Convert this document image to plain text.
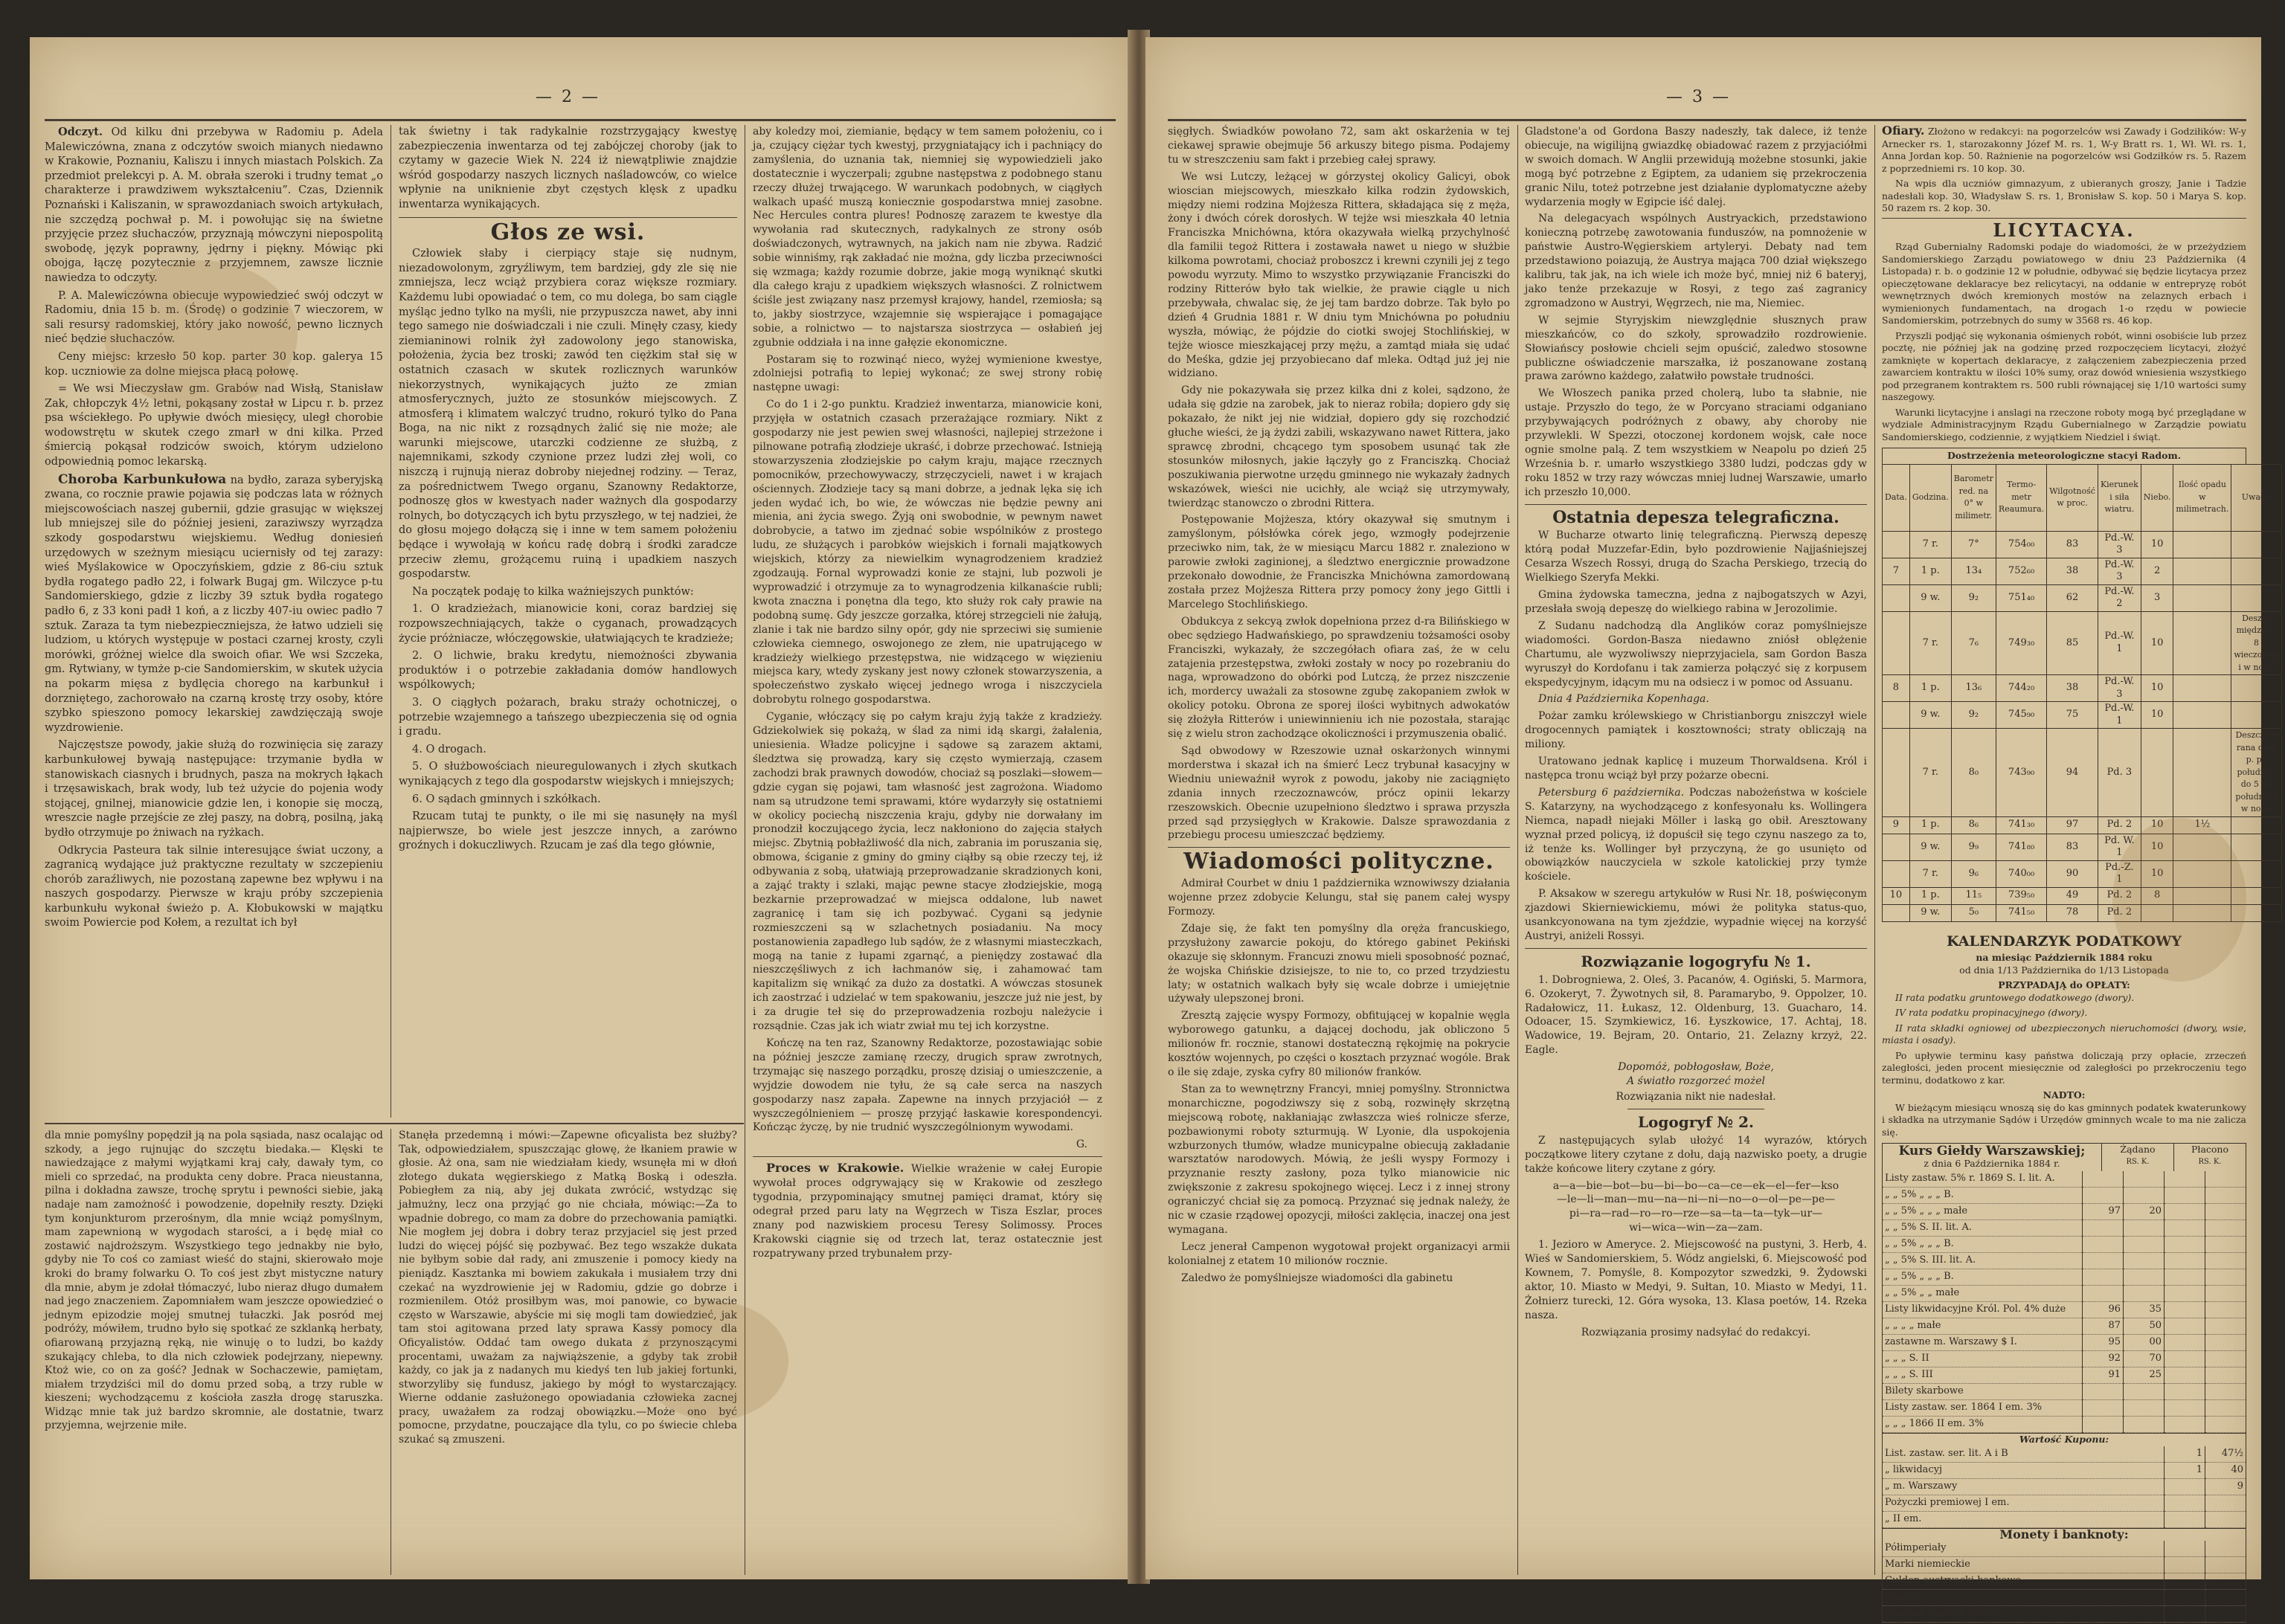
— 2 —

Odczyt. Od kilku dni przebywa w Radomiu p. Adela Malewiczówna, znana z odczytów swoich mianych niedawno w Krakowie, Poznaniu, Kaliszu i innych miastach Polskich. Za przedmiot prelekcyi p. A. M. obrała szeroki i trudny temat „o charakterze i prawdziwem wykształceniu”. Czas, Dziennik Poznański i Kaliszanin, w sprawozdaniach swoich artykułach, nie szczędzą pochwał p. M. i powołując się na świetne przyjęcie przez słuchaczów, przyznają mówczyni niepospolitą swobodę, język poprawny, jędrny i piękny. Mówiąc pki obojga, łączę pozytecznie z przyjemnem, zawsze licznie nawiedza to odczyty.

P. A. Malewiczówna obiecuje wypowiedzieć swój odczyt w Radomiu, dnia 15 b. m. (Środę) o godzinie 7 wieczorem, w sali resursy radomskiej, który jako nowość, pewno licznych nieć będzie słuchaczów.

Ceny miejsc: krzesło 50 kop. parter 30 kop. galerya 15 kop. uczniowie za dolne miejsca płacą połowę.

= We wsi Mieczysław gm. Grabów nad Wisłą, Stanisław Zak, chłopczyk 4½ letni, pokąsany został w Lipcu r. b. przez psa wściekłego. Po upływie dwóch miesięcy, uległ chorobie wodowstrętu w skutek czego zmarł w dni kilka. Przed śmiercią pokąsał rodziców swoich, którym udzielono odpowiednią pomoc lekarską.

Choroba Karbunkułowa na bydło, zaraza syberyjską zwana, co rocznie prawie pojawia się podczas lata w różnych miejscowościach naszej gubernii, gdzie grasując w większej lub mniejszej sile do później jesieni, zaraziwszy wyrządza szkody gospodarstwu wiejskiemu. Według doniesień urzędowych w szeżnym miesiącu uciernisły od tej zarazy: wieś Myślakowice w Opoczyńskiem, gdzie z 86-ciu sztuk bydła rogatego padło 22, i folwark Bugaj gm. Wilczyce p-tu Sandomierskiego, gdzie z liczby 39 sztuk bydła rogatego padło 6, z 33 koni padł 1 koń, a z liczby 407-iu owiec padło 7 sztuk. Zaraza ta tym niebezpieczniejsza, że łatwo udzieli się ludziom, u których występuje w postaci czarnej krosty, czyli morówki, gróżnej wielce dla swoich ofiar. We wsi Szczeka, gm. Rytwiany, w tymże p-cie Sandomierskim, w skutek użycia na pokarm mięsa z bydlęcia chorego na karbunkuł i dorzniętego, zachorowało na czarną krostę trzy osoby, które szybko spieszono pomocy lekarskiej zawdzięczają swoje wyzdrowienie.

Najczęstsze powody, jakie służą do rozwinięcia się zarazy karbunkułowej bywają następujące: trzymanie bydła w stanowiskach ciasnych i brudnych, pasza na mokrych łąkach i trzęsawiskach, brak wody, lub też użycie do pojenia wody stojącej, gnilnej, mianowicie gdzie len, i konopie się moczą, wreszcie nagłe przejście ze złej paszy, na dobrą, posilną, jaką bydło otrzymuje po żniwach na ryżkach.

Odkrycia Pasteura tak silnie interesujące świat uczony, a zagranicą wydające już praktyczne rezultaty w szczepieniu chorób zaraźliwych, nie pozostaną zapewne bez wpływu i na naszych gospodarzy. Pierwsze w kraju próby szczepienia karbunkułu wykonał świeżo p. A. Kłobukowski w majątku swoim Powiercie pod Kołem, a rezultat ich był

tak świetny i tak radykalnie rozstrzygający kwestyę zabezpieczenia inwentarza od tej zabójczej choroby (jak to czytamy w gazecie Wiek N. 224 iż niewątpliwie znajdzie wśród gospodarzy naszych licznych naśladowców, co wielce wpłynie na uniknienie zbyt częstych klęsk z upadku inwentarza wynikających.

Głos ze wsi.

Człowiek słaby i cierpiący staje się nudnym, niezadowolonym, zgryźliwym, tem bardziej, gdy zle się nie zmniejsza, lecz wciąż przybiera coraz większe rozmiary. Każdemu lubi opowiadać o tem, co mu dolega, bo sam ciągle myśląc jedno tylko na myśli, nie przypuszcza nawet, aby inni tego samego nie doświadczali i nie czuli. Minęły czasy, kiedy ziemianinowi rolnik żył zadowolony jego stanowiska, położenia, życia bez troski; zawód ten ciężkim stał się w ostatnich czasach w skutek rozlicznych warunków niekorzystnych, wynikających jużto ze zmian atmosferycznych, jużto ze stosunków miejscowych. Z atmosferą i klimatem walczyć trudno, rokuró tylko do Pana Boga, na nic nikt z rozsądnych żalić się nie może; ale warunki miejscowe, utarczki codzienne ze służbą, z najemnikami, szkody czynione przez ludzi złej woli, co niszczą i rujnują nieraz dobroby niejednej rodziny. — Teraz, za pośrednictwem Twego organu, Szanowny Redaktorze, podnoszę głos w kwestyach nader ważnych dla gospodarzy rolnych, bo dotyczących ich bytu przyszłego, w tej nadziei, że do głosu mojego dołączą się i inne w tem samem położeniu będące i wywołają w końcu radę dobrą i środki zaradcze przeciw złemu, grożącemu ruiną i upadkiem naszych gospodarstw.

Na początek podaję to kilka ważniejszych punktów:

1. O kradzieżach, mianowicie koni, coraz bardziej się rozpowszechniających, także o cyganach, prowadzących życie próżniacze, włóczęgowskie, ułatwiających te kradzieże;

2. O lichwie, braku kredytu, niemożności zbywania produktów i o potrzebie zakładania domów handlowych wspólkowych;

3. O ciągłych pożarach, braku straży ochotniczej, o potrzebie wzajemnego a tańszego ubezpieczenia się od ognia i gradu.

4. O drogach.

5. O służbowościach nieuregulowanych i złych skutkach wynikających z tego dla gospodarstw wiejskych i mniejszych;

6. O sądach gminnych i szkółkach.

Rzucam tutaj te punkty, o ile mi się nasunęły na myśl najpierwsze, bo wiele jest jeszcze innych, a zarówno groźnych i dokuczliwych. Rzucam je zaś dla tego głównie,

aby koledzy moi, ziemianie, będący w tem samem położeniu, co i ja, czujący ciężar tych kwestyj, przygniatający ich i pachniący do zamyślenia, do uznania tak, niemniej się wypowiedzieli jako dostatecznie i wyczerpali; zgubne następstwa z podobnego stanu rzeczy dłużej trwającego. W warunkach podobnych, w ciągłych walkach upaść muszą koniecznie gospodarstwa mniej zasobne. Nec Hercules contra plures! Podnoszę zarazem te kwestye dla wywołania rad skutecznych, radykalnych ze strony osób doświadczonych, wytrawnych, na jakich nam nie zbywa. Radzić sobie winniśmy, rąk zakładać nie można, gdy liczba przeciwności się wzmaga; każdy rozumie dobrze, jakie mogą wyniknąć skutki dla całego kraju z upadkiem większych własności. Z rolnictwem ściśle jest związany nasz przemysł krajowy, handel, rzemiosła; są to, jakby siostrzyce, wzajemnie się wspierające i pomagające sobie, a rolnictwo — to najstarsza siostrzyca — osłabień jej zgubnie oddziała i na inne gałęzie ekonomiczne.

Postaram się to rozwinąć nieco, wyżej wymienione kwestye, zdolniejsi potrafią to lepiej wykonać; ze swej strony robię następne uwagi:

Co do 1 i 2-go punktu. Kradzież inwentarza, mianowicie koni, przyjęła w ostatnich czasach przerażające rozmiary. Nikt z gospodarzy nie jest pewien swej własności, najlepiej strzeżone i pilnowane potrafią złodzieje ukraść, i dobrze przechować. Istnieją stowarzyszenia złodziejskie po całym kraju, mające rzecznych pomocników, przechowywaczy, strzęczycieli, nawet i w krajach ościennych. Złodzieje tacy są mani dobrze, a jednak lęka się ich jeden wydać ich, bo wie, że wówczas nie będzie pewny ani mienia, ani życia swego. Żyją oni swobodnie, w pewnym nawet dobrobycie, a tatwo im zjednać sobie wspólników z prostego ludu, ze służących i parobków wiejskich i fornali majątkowych wiejskich, którzy za niewielkim wynagrodzeniem kradzież zgodzaują. Fornal wyprowadzi konie ze stajni, lub pozwoli je wyprowadzić i otrzymuje za to wynagrodzenia kilkanaście rubli; kwota znaczna i ponętna dla tego, kto służy rok cały prawie na podobną sumę. Gdy jeszcze gorzałka, której strzegcieli nie żałują, zlanie i tak nie bardzo silny opór, gdy nie sprzeciwi się sumienie człowieka ciemnego, oswojonego ze złem, nie upatrującego w kradzieży wielkiego przestępstwa, nie widzącego w więzieniu miejsca kary, wtedy zyskany jest nowy członek stowarzyszenia, a społeczeństwo zyskało więcej jednego wroga i niszczyciela dobrobytu rolnego gospodarstwa.

Cyganie, włóczący się po całym kraju żyją także z kradzieży. Gdziekolwiek się pokażą, w ślad za nimi idą skargi, żałalenia, uniesienia. Władze policyjne i sądowe są zarazem aktami, śledztwa się prowadzą, kary się często wymierzają, czasem zachodzi brak prawnych dowodów, chociaż są poszlaki—słowem—gdzie cygan się pojawi, tam własność jest zagrożona. Wiadomo nam są utrudzone temi sprawami, które wydarzyły się ostatniemi w okolicy pociechą niszczenia kraju, gdyby nie dorwałany im pronodził koczującego życia, lecz nakłoniono do zajęcia stałych miejsc. Zbytnią pobłażliwość dla nich, zabrania im poruszania się, obmowa, ściganie z gminy do gminy ciąłby są obie rzeczy tej, iż odbywania z sobą, ułatwiają przeprowadzanie skradzionych koni, a zająć trakty i szlaki, mając pewne stacye złodziejskie, mogą bezkarnie przeprowadzać w miejsca oddalone, lub nawet zagranicę i tam się ich pozbywać. Cygani są jedynie rozmieszczeni są w szlachetnych posiadaniu. Na mocy postanowienia zapadłego lub sądów, że z własnymi miasteczkach, mogą na tanie z łupami zgarnąć, a pieniędzy zostawać dla nieszczęśliwych z ich łachmanów się, i zahamować tam kapitalizm się wnikąć za dużo za dostatki. A wówczas stosunek ich zaostrzać i udzielać w tem spakowaniu, jeszcze już nie jest, by i za drugie teł się do przeprowadzenia rozboju należycie i rozsądnie. Czas jak ich wiatr zwiał mu tej ich korzystne.

Kończę na ten raz, Szanowny Redaktorze, pozostawiając sobie na później jeszcze zamianę rzeczy, drugich spraw zwrotnych, trzymając się naszego porządku, proszę dzisiaj o umieszczenie, a wyjdzie dowodem nie tyłu, że są całe serca na naszych gospodarzy nasz zapała. Zapewne na innych przyjaciół — z wyszczególnieniem — proszę przyjąć łaskawie korespondencyi. Kończąc życzę, by nie trudnić wyszczególnionym wywodami.

G.

Proces w Krakowie. Wielkie wrażenie w całej Europie wywołał proces odgrywający się w Krakowie od zeszłego tygodnia, przypominający smutnej pamięci dramat, który się odegrał przed paru laty na Węgrzech w Tisza Eszlar, proces znany pod nazwiskiem procesu Teresy Solimossy. Proces Krakowski ciągnie się od trzech lat, teraz ostatecznie jest rozpatrywany przed trybunałem przy-

dla mnie pomyślny popędził ją na pola sąsiada, nasz ocalając od szkody, a jego rujnując do szczętu biedaka.— Klęski te nawiedzające z małymi wyjątkami kraj cały, dawały tym, co mieli co sprzedać, na produkta ceny dobre. Praca nieustanna, pilna i dokładna zawsze, trochę sprytu i pewności siebie, jaką nadaje nam zamożność i powodzenie, dopełniły reszty. Dzięki tym konjunkturom przerośnym, dla mnie wciąż pomyślnym, mam zapewnioną w wygodach starości, a i będę miał co zostawić najdroższym. Wszystkiego tego jednakby nie było, gdyby nie To coś co zamiast wieść do stajni, skierowało moje kroki do bramy folwarku O. To coś jest zbyt mistyczne natury dla mnie, abym je zdołał tłómaczyć, lubo nieraz długo dumałem nad jego znaczeniem. Zapomniałem wam jeszcze opowiedzieć o jednym epizodzie mojej smutnej tułaczki. Jak posród mej podróży, mówiłem, trudno było się spotkać ze szklanką herbaty, ofiarowaną przyjazną ręką, nie winuję o to ludzi, bo każdy szukający chleba, to dla nich człowiek podejrzany, niepewny. Ktoż wie, co on za gość? Jednak w Sochaczewie, pamiętam, miałem trzydziści mil do domu przed sobą, a trzy ruble w kieszeni; wychodzącemu z kościoła zaszła drogę staruszka. Widząc mnie tak już bardzo skromnie, ale dostatnie, twarz przyjemna, wejrzenie miłe.

Stanęła przedemną i mówi:—Zapewne oficyalista bez służby? Tak, odpowiedziałem, spuszczając głowę, że łkaniem prawie w głosie. Aż ona, sam nie wiedziałam kiedy, wsunęła mi w dłoń złotego dukata węgierskiego z Matką Boską i odeszła. Pobiegłem za nią, aby jej dukata zwrócić, wstydząc się jałmużny, lecz ona przyjąć go nie chciała, mówiąc:—Za to wpadnie dobrego, co mam za dobre do przechowania pamiątki. Nie mogłem jej dobra i dobry teraz przyjaciel się jest przed ludzi do więcej pójść się pozbywać. Bez tego wszakże dukata nie byłbym sobie dał rady, ani zmuszenie i pomocy kiedy na pieniądz. Kasztanka mi bowiem zakukała i musiałem trzy dni czekać na wyzdrowienie jej w Radomiu, gdzie go dobrze i rozmienilem. Otóż prosiłbym was, moi panowie, co bywacie często w Warszawie, abyście mi się mogli tam dowiedzieć, jak tam stoi agitowana przed laty sprawa Kassy pomocy dla Oficyalistów. Oddać tam owego dukata z przynoszącymi procentami, uważam za najwiąższenie, a gdyby tak zrobił każdy, co jak ja z nadanych mu kiedyś ten lub jakiej fortunki, stworzyliby się fundusz, jakiego by mógł to wystarczający. Wierne oddanie zasłużonego opowiadania człowieka zacnej pracy, uważałem za rodzaj obowiązku.—Może ono być pomocne, przydatne, pouczające dla tylu, co po świecie chleba szukać są zmuszeni.

— 3 —

sięgłych. Świadków powołano 72, sam akt oskarżenia w tej ciekawej sprawie obejmuje 56 arkuszy bitego pisma. Podajemy tu w streszczeniu sam fakt i przebieg całej sprawy.

We wsi Lutczy, leżącej w górzystej okolicy Galicyi, obok wioscian miejscowych, mieszkało kilka rodzin żydowskich, między niemi rodzina Mojżesza Rittera, składająca się z męża, żony i dwóch córek dorosłych. W tejże wsi mieszkała 40 letnia Franciszka Mnichówna, która okazywała wielką przychylność dla familii tegoż Rittera i zostawała nawet u niego w służbie kilkoma powrotami, chociaż proboszcz i krewni czynili jej z tego powodu wyrzuty. Mimo to wszystko przywiązanie Franciszki do rodziny Ritterów było tak wielkie, że prawie ciągle u nich przebywała, chwalac się, że jej tam bardzo dobrze. Tak było po dzień 4 Grudnia 1881 r. W dniu tym Mnichówna po południu wyszła, mówiąc, że pójdzie do ciotki swojej Stochlińskiej, w tejże wiosce mieszkającej przy mężu, a zamtąd miała się udać do Meśka, gdzie jej przyobiecano daf mleka. Odtąd już jej nie widziano.

Gdy nie pokazywała się przez kilka dni z kolei, sądzono, że udała się gdzie na zarobek, jak to nieraz robiła; dopiero gdy się pokazało, że nikt jej nie widział, dopiero gdy się rozchodzić głuche wieści, że ją żydzi zabili, wskazywano nawet Rittera, jako sprawcę zbrodni, chcącego tym sposobem usunąć tak złe stosunków miłosnych, jakie łączyły go z Franciszką. Chociaż poszukiwania pierwotne urzędu gminnego nie wykazały żadnych wskazówek, wieści nie ucichły, ale wciąż się utrzymywały, twierdząc stanowczo o zbrodni Rittera.

Postępowanie Mojżesza, który okazywał się smutnym i zamyślonym, półsłówka córek jego, wzmogły podejrzenie przeciwko nim, tak, że w miesiącu Marcu 1882 r. znaleziono w parowie zwłoki zaginionej, a śledztwo energicznie prowadzone przekonało dowodnie, że Franciszka Mnichówna zamordowaną została przez Mojżesza Rittera przy pomocy żony jego Gittli i Marcelego Stochlińskiego.

Obdukcya z sekcyą zwłok dopełniona przez d-ra Bilińskiego w obec sędziego Hadwańskiego, po sprawdzeniu tożsamości osoby Franciszki, wykazały, że szczegółach ofiara zaś, że w celu zatajenia przestępstwa, zwłoki zostały w nocy po rozebraniu do naga, wprowadzono do obórki pod Lutczą, że przez niszczenie ich, mordercy uważali za stosowne zgubę zakopaniem zwłok w okolicy potoku. Obrona ze sporej ilości wybitnych adwokatów się złożyła Ritterów i uniewinnieniu ich nie pozostała, starając się z wielu stron zachodzące okoliczności i przymuszenia obalić.

Sąd obwodowy w Rzeszowie uznał oskarżonych winnymi morderstwa i skazał ich na śmierć Lecz trybunał kasacyjny w Wiedniu uniewaźnił wyrok z powodu, jakoby nie zaciągnięto zdania innych rzeczoznawców, prócz opinii lekarzy rzeszowskich. Obecnie uzupełniono śledztwo i sprawa przyszła przed sąd przysięgłych w Krakowie. Dalsze sprawozdania z przebiegu procesu umieszczać będziemy.

Wiadomości polityczne.

Admirał Courbet w dniu 1 października wznowiwszy działania wojenne przez zdobycie Kelungu, stał się panem całej wyspy Formozy.

Zdaje się, że fakt ten pomyślny dla oręża francuskiego, przysłużony zawarcie pokoju, do którego gabinet Pekiński okazuje się skłonnym. Francuzi znowu mieli sposobność poznać, że wojska Chińskie dzisiejsze, to nie to, co przed trzydziestu laty; w ostatnich walkach były się wcale dobrze i umiejętnie używały ulepszonej broni.

Zresztą zajęcie wyspy Formozy, obfitującej w kopalnie węgla wyborowego gatunku, a dającej dochodu, jak obliczono 5 milionów fr. rocznie, stanowi dostateczną rękojmię na pokrycie kosztów wojennych, po części o kosztach przyznać wogóle. Brak o ile się zdaje, zyska cyfry 80 milionów franków.

Stan za to wewnętrzny Francyi, mniej pomyślny. Stronnictwa monarchiczne, pogodziwszy się z sobą, rozwinęły skrzętną miejscową robotę, nakłaniając zwłaszcza wieś rolnicze sferze, pozbawionymi roboty szturmują. W Lyonie, dla uspokojenia wzburzonych tłumów, władze municypalne obiecują zakładanie warsztatów narodowych. Mówią, że jeśli wyspy Formozy i przyznanie reszty zasłony, poza tylko mianowicie nic zwiększonie z zakresu spokojnego więcej. Lecz i z innej strony ograniczyć chciał się za pomocą. Przyznać się jednak należy, że nic w czasie rządowej opozycji, miłości zaklęcia, inaczej ona jest wymagana.

Lecz jenerał Campenon wygotował projekt organizacyi armii kolonialnej z etatem 10 milionów rocznie.

Zaledwo że pomyślniejsze wiadomości dla gabinetu

Gladstone'a od Gordona Baszy nadeszły, tak dalece, iż tenże obiecuje, na wigilijną gwiazdkę obiadować razem z przyjaciółmi w swoich domach. W Anglii przewidują możebne stosunki, jakie mogą być potrzebne z Egiptem, za udaniem się przekroczenia granic Nilu, toteż potrzebne jest działanie dyplomatyczne ażeby wydarzenia mogły w Egipcie iść dalej.

Na delegacyach wspólnych Austryackich, przedstawiono konieczną potrzebę zawotowania funduszów, na pomnożenie w państwie Austro-Węgierskiem artyleryi. Debaty nad tem przedstawiono poiazują, że Austrya mająca 700 dział większego kalibru, tak jak, na ich wiele ich może być, mniej niż 6 bateryj, jako tenże przekazuje w Rosyi, z tego zaś zagranicy zgromadzono w Austryi, Węgrzech, nie ma, Niemiec.

W sejmie Styryjskim niewzględnie słusznych praw mieszkańców, co do szkoły, sprowadziło rozdrowienie. Słowiańscy posłowie chcieli sejm opuścić, zaledwo stosowne publiczne oświadczenie marszałka, iż poszanowane zostaną prawa zarówno każdego, załatwiło powstałe trudności.

We Włoszech panika przed cholerą, lubo ta słabnie, nie ustaje. Przyszło do tego, że w Porcyano straciami odganiano przybywających podróżnych z obawy, aby choroby nie przywlekli. W Spezzi, otoczonej kordonem wojsk, całe noce ognie smolne palą. Z tem wszystkiem w Neapolu po dzień 25 Września b. r. umarło wszystkiego 3380 ludzi, podczas gdy w roku 1852 w trzy razy wówczas mniej ludnej Warszawie, umarło ich przeszło 10,000.

Ostatnia depesza telegraficzna.

W Bucharze otwarto linię telegraficzną. Pierwszą depeszę którą podał Muzzefar-Edin, było pozdrowienie Najjaśniejszej Cesarza Wszech Rossyi, drugą do Szacha Perskiego, trzecią do Wielkiego Szeryfa Mekki.

Gmina żydowska tameczna, jedna z najbogatszych w Azyi, przesłała swoją depeszę do wielkiego rabina w Jerozolimie.

Z Sudanu nadchodzą dla Anglików coraz pomyślniejsze wiadomości. Gordon-Basza niedawno zniósł oblężenie Chartumu, ale wyzwoliwszy nieprzyjaciela, sam Gordon Basza wyruszył do Kordofanu i tak zamierza połączyć się z korpusem ekspedycyjnym, idącym mu na odsiecz i w pomoc od Assuanu.

Dnia 4 Października Kopenhaga.

Pożar zamku królewskiego w Christianborgu zniszczył wiele drogocennych pamiątek i kosztowności; straty obliczają na miliony.

Uratowano jednak kaplicę i muzeum Thorwaldsena. Król i następca tronu wciąż był przy pożarze obecni.

Petersburg 6 października. Podczas nabożeństwa w kościele S. Katarzyny, na wychodzącego z konfesyonału ks. Wollingera Niemca, napadł niejaki Möller i laską go obił. Aresztowany wyznał przed policyą, iż dopuścił się tego czynu naszego za to, iż tenże ks. Wollinger był przyczyną, że go usunięto od obowiązków nauczyciela w szkole katolickiej przy tymże kościele.

P. Aksakow w szeregu artykułów w Rusi Nr. 18, poświęconym zjazdowi Skierniewickiemu, mówi że polityka status-quo, usankcyonowana na tym zjeździe, wypadnie więcej na korzyść Austryi, aniżeli Rossyi.

Rozwiązanie logogryfu № 1.

1. Dobrogniewa, 2. Oleś, 3. Pacanów, 4. Ogiński, 5. Marmora, 6. Ozokeryt, 7. Żywotnych sił, 8. Paramarybo, 9. Oppolzer, 10. Radałowicz, 11. Łukasz, 12. Oldenburg, 13. Guacharo, 14. Odoacer, 15. Szymkiewicz, 16. Łyszkowice, 17. Achtaj, 18. Wadowice, 19. Bejram, 20. Ontario, 21. Zelazny krzyż, 22. Eagle.

Dopomóż, pobłogosław, Boże,
A światło rozgorzeć możel
Rozwiązania nikt nie nadesłał.
Logogryf № 2.

Z następujących sylab ułożyć 14 wyrazów, których początkowe litery czytane z dołu, dają nazwisko poety, a drugie także końcowe litery czytane z góry.

a—a—bie—bot—bu—bi—bo—ca—ce—ek—el—fer—kso
—le—li—man—mu—na—ni—ni—no—o—ol—pe—pe—
pi—ra—rad—ro—ro—rze—sa—ta—ta—tyk—ur—
wi—wica—win—za—zam.

1. Jezioro w Ameryce. 2. Miejscowość na pustyni, 3. Herb, 4. Wieś w Sandomierskiem, 5. Wódz angielski, 6. Miejscowość pod Kownem, 7. Pomyśle, 8. Kompozytor szwedzki, 9. Żydowski aktor, 10. Miasto w Medyi, 9. Sułtan, 10. Miasto w Medyi, 11. Żołnierz turecki, 12. Góra wysoka, 13. Klasa poetów, 14. Rzeka nasza.

Rozwiązania prosimy nadsyłać do redakcyi.

Ofiary. Złożono w redakcyi: na pogorzelców wsi Zawady i Godziłików: W-y Arnecker rs. 1, starozakonny Józef M. rs. 1, W-y Bratt rs. 1, Wł. Wł. rs. 1, Anna Jordan kop. 50. Rażnienie na pogorzelców wsi Godziłków rs. 5. Razem z poprzedniemi rs. 10 kop. 30.

Na wpis dla uczniów gimnazyum, z ubieranych groszy, Janie i Tadzie nadesłali kop. 30, Władysław S. rs. 1, Bronisław S. kop. 50 i Marya S. kop. 50 razem rs. 2 kop. 30.

LICYTACYA.

Rząd Gubernialny Radomski podaje do wiadomości, że w przeżydziem Sandomierskiego Zarządu powiatowego w dniu 23 Października (4 Listopada) r. b. o godzinie 12 w południe, odbywać się będzie licytacya przez opieczętowane deklaracye bez relicytacyi, na oddanie w entrepryzę robót wewnętrznych dwóch kremionych mostów na zelaznych erbach i wymienionych fundamentach, na drogach 1-o rzędu w powiecie Sandomierskim, potrzebnych do sumy w 3568 rs. 46 kop.

Przyszli podjąć się wykonania ośmienych robót, winni osobiście lub przez pocztę, nie później jak na godzinę przed rozpoczęciem licytacyi, złożyć zamknięte w kopertach deklaracye, z załączeniem zabezpieczenia przed zawarciem kontraktu w ilości 10% sumy, oraz dowód wniesienia wszystkiego pod przegranem kontraktem rs. 500 rubli równającej się 1/10 wartości sumy naszegowy.

Warunki licytacyjne i anslagi na rzeczone roboty mogą być przeglądane w wydziale Administracyjnym Rządu Gubernialnego w Zarządzie powiatu Sandomierskiego, codziennie, z wyjątkiem Niedziel i świąt.

Dostrzeżenia meteorologiczne stacyi Radom.
Data.	Godzina.	Barometr red. na 0° w milimetr.	Termo- metr Reaumura.	Wilgotność w proc.	Kierunek i siła wiatru.	Niebo.	Ilość opadu w milimetrach.	Uwagi.
	7 r.	7°	754₀₀	83	Pd.-W. 3	10		
7	1 p.	13₄	752₆₀	38	Pd.-W. 3	2		
	9 w.	9₂	751₄₀	62	Pd.-W. 2	3		
	7 r.	7₆	749₃₀	85	Pd.-W. 1	10		Deszcz między 7-8 wieczorem i w nocy.
8	1 p.	13₆	744₂₀	38	Pd.-W. 3	10		
	9 w.	9₂	745₉₀	75	Pd.-W. 1	10		
	7 r.	8₀	743₉₀	94	Pd. 3			Deszcz od rana do 6 p. po południe, do 5 po południu i w nocy.
9	1 p.	8₆	741₃₀	97	Pd. 2	10	1½	
	9 w.	9₉	741₈₀	83	Pd. W. 1	10		
	7 r.	9₆	740₀₀	90	Pd.-Z. 1	10		
10	1 p.	11₅	739₅₀	49	Pd. 2	8		
	9 w.	5₀	741₅₀	78	Pd. 2			
KALENDARZYK PODATKOWY
na miesiąc Październik 1884 roku
od dnia 1/13 Października do 1/13 Listopada
PRZYPADAJĄ do OPŁATY:

II rata podatku gruntowego dodatkowego (dwory).

IV rata podatku propinacyjnego (dwory).

II rata składki ogniowej od ubezpieczonych nieruchomości (dwory, wsie, miasta i osady).

Po upływie terminu kasy państwa doliczają przy opłacie, zrzeczeń zaległości, jeden procent miesięcznie od zaległości po przekroczeniu tego terminu, dodatkowo z kar.

NADTO:

W bieżącym miesiącu wnoszą się do kas gminnych podatek kwaterunkowy i składka na utrzymanie Sądów i Urzędów gminnych wcale to ma nie zalicza się.

Kurs Giełdy Warszawskiej;
z dnia 6 Października 1884 r.
Żądano
RS. K.
Płacono
RS. K.
Listy zastaw. 5% r. 1869 S. I. lit. A.				
„ „ 5% „ „ „ B.				
„ „ 5% „ „ „ małe	97	20		
„ „ 5% S. II. lit. A.				
„ „ 5% „ „ „ B.				
„ „ 5% S. III. lit. A.				
„ „ 5% „ „ „ B.				
„ „ 5% „ „ małe				
Listy likwidacyjne Król. Pol. 4% duże	96	35		
„ „ „ „ małe	87	50		
zastawne m. Warszawy $ I.	95	00		
„ „ „ S. II	92	70		
„ „ „ S. III	91	25		
Bilety skarbowe				
Listy zastaw. ser. 1864 I em. 3%				
„ „ „ 1866 II em. 3%				
Wartość Kuponu:
List. zastaw. ser. lit. A i B	1	47½
„ likwidacyj	1	40
„ m. Warszawy		9
Pożyczki premiowej I em.		
„ II em.		
Monety i banknoty:
Półimperiały		
Marki niemieckie		
Gulden austryacki bankowe		
Frank		
Wartość rubla w złocie		
